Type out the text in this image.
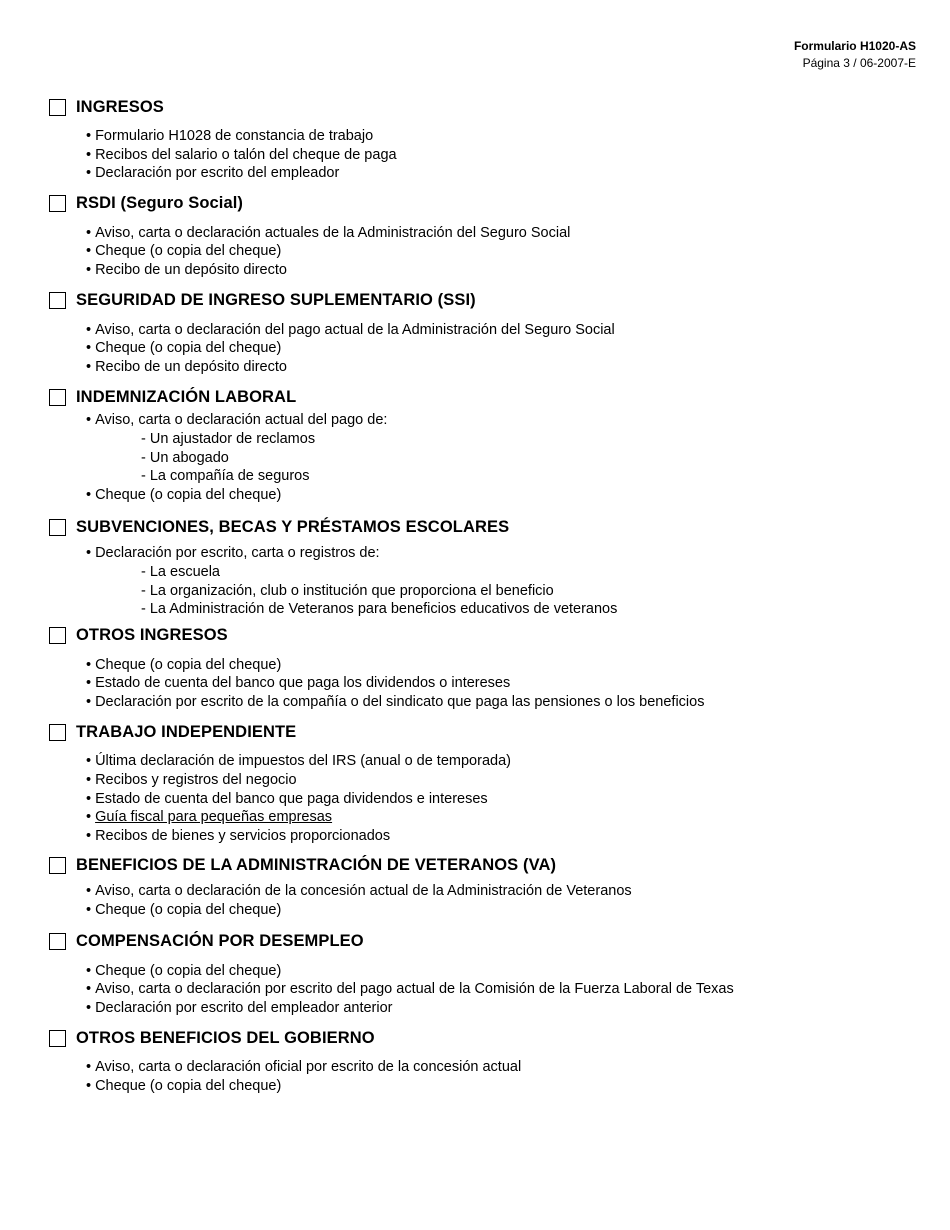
Formulario H1020-AS
Página 3 / 06-2007-E
INGRESOS
• Formulario H1028 de constancia de trabajo
• Recibos del salario o talón del cheque de paga
• Declaración por escrito del empleador
RSDI (Seguro Social)
• Aviso, carta o declaración actuales de la Administración del Seguro Social
• Cheque (o copia del cheque)
• Recibo de un depósito directo
SEGURIDAD DE INGRESO SUPLEMENTARIO (SSI)
• Aviso, carta o declaración del pago actual de la Administración del Seguro Social
• Cheque (o copia del cheque)
• Recibo de un depósito directo
INDEMNIZACIÓN LABORAL
• Aviso, carta o declaración actual del pago de:
- Un ajustador de reclamos
- Un abogado
- La compañía de seguros
• Cheque (o copia del cheque)
SUBVENCIONES, BECAS Y PRÉSTAMOS ESCOLARES
• Declaración por escrito, carta o registros de:
- La escuela
- La organización, club o institución que proporciona el beneficio
- La Administración de Veteranos para beneficios educativos de veteranos
OTROS INGRESOS
• Cheque (o copia del cheque)
• Estado de cuenta del banco que paga los dividendos o intereses
• Declaración por escrito de la compañía o del sindicato que paga las pensiones o los beneficios
TRABAJO INDEPENDIENTE
• Última declaración de impuestos del IRS (anual o de temporada)
• Recibos y registros del negocio
• Estado de cuenta del banco que paga dividendos e intereses
• Guía fiscal para pequeñas empresas
• Recibos de bienes y servicios proporcionados
BENEFICIOS DE LA ADMINISTRACIÓN DE VETERANOS (VA)
• Aviso, carta o declaración de la concesión actual de la Administración de Veteranos
• Cheque (o copia del cheque)
COMPENSACIÓN POR DESEMPLEO
• Cheque (o copia del cheque)
• Aviso, carta o declaración por escrito del pago actual de la Comisión de la Fuerza Laboral de Texas
• Declaración por escrito del empleador anterior
OTROS BENEFICIOS DEL GOBIERNO
• Aviso, carta o declaración oficial por escrito de la concesión actual
• Cheque (o copia del cheque)
